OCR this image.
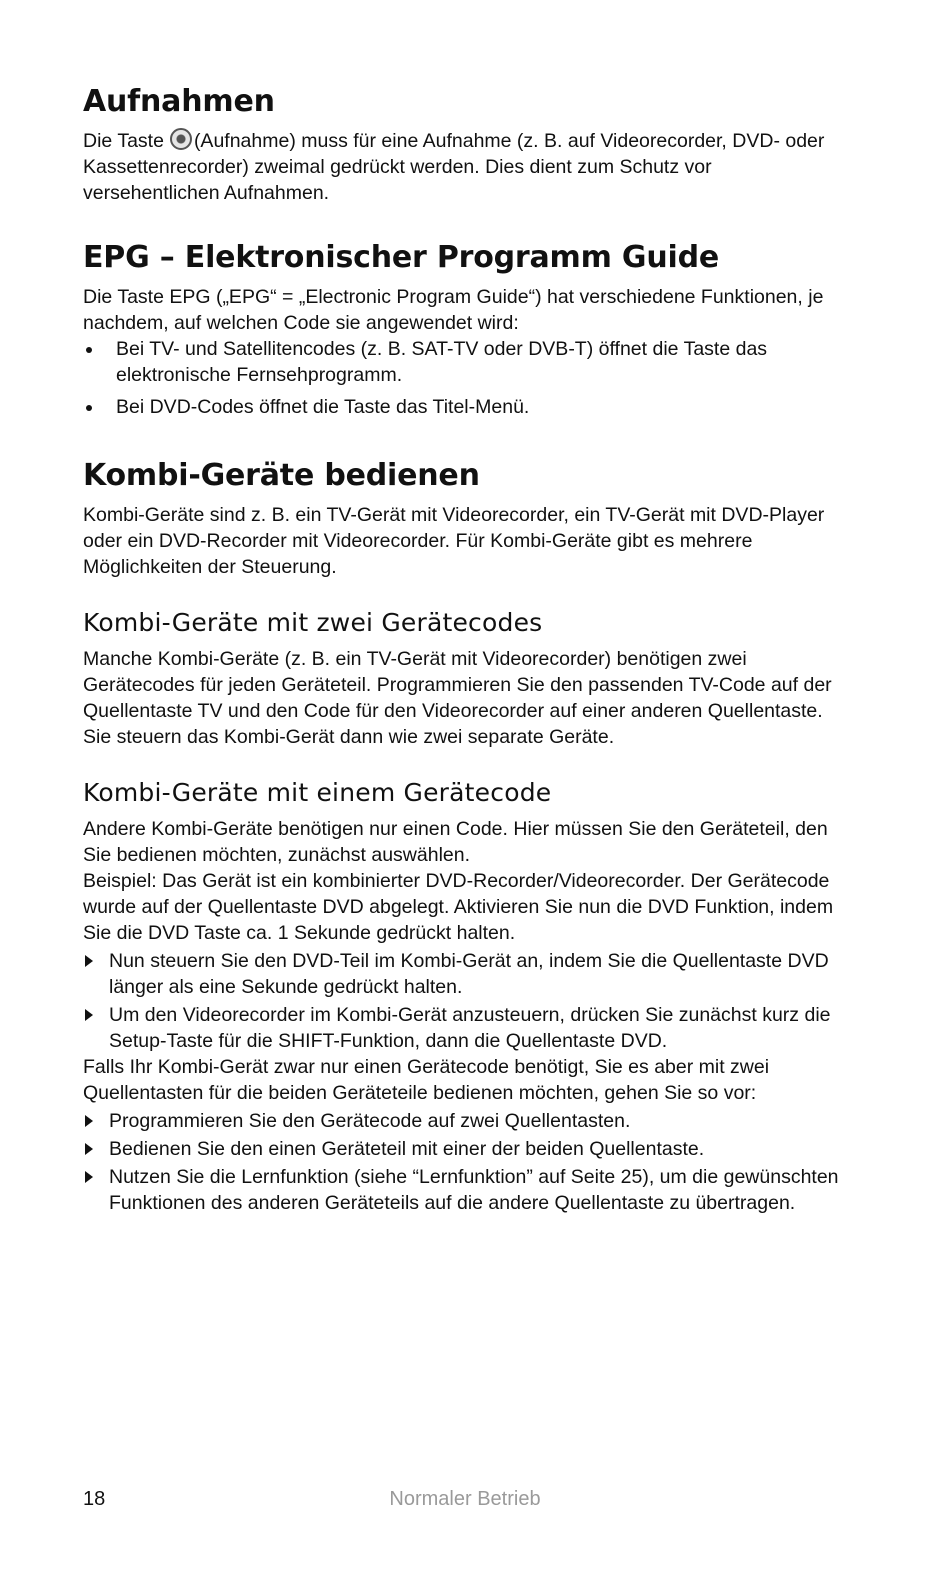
Aufnahmen

Die Taste (Aufnahme) muss für eine Aufnahme (z. B. auf Videorecorder, DVD- oder Kassettenrecorder) zweimal gedrückt werden. Dies dient zum Schutz vor versehentlichen Aufnahmen.

EPG – Elektronischer Programm Guide

Die Taste EPG („EPG“ = „Electronic Program Guide“) hat verschiedene Funktionen, je nachdem, auf welchen Code sie angewendet wird:

Bei TV- und Satellitencodes (z. B. SAT-TV oder DVB-T) öffnet die Taste das elektronische Fernsehprogramm.
Bei DVD-Codes öffnet die Taste das Titel-Menü.
Kombi-Geräte bedienen

Kombi-Geräte sind z. B. ein TV-Gerät mit Videorecorder, ein TV-Gerät mit DVD-Player oder ein DVD-Recorder mit Videorecorder. Für Kombi-Geräte gibt es mehrere Möglichkeiten der Steuerung.

Kombi-Geräte mit zwei Gerätecodes

Manche Kombi-Geräte (z. B. ein TV-Gerät mit Videorecorder) benötigen zwei Gerätecodes für jeden Geräteteil. Programmieren Sie den passenden TV-Code auf der Quellentaste TV und den Code für den Videorecorder auf einer anderen Quellentaste. Sie steuern das Kombi-Gerät dann wie zwei separate Geräte.

Kombi-Geräte mit einem Gerätecode

Andere Kombi-Geräte benötigen nur einen Code. Hier müssen Sie den Geräteteil, den Sie bedienen möchten, zunächst auswählen.

Beispiel: Das Gerät ist ein kombinierter DVD-Recorder/Videorecorder. Der Gerätecode wurde auf der Quellentaste DVD abgelegt. Aktivieren Sie nun die DVD Funktion, indem Sie die DVD Taste ca. 1 Sekunde gedrückt halten.

Nun steuern Sie den DVD-Teil im Kombi-Gerät an, indem Sie die Quellentaste DVD länger als eine Sekunde gedrückt halten.
Um den Videorecorder im Kombi-Gerät anzusteuern, drücken Sie zunächst kurz die Setup-Taste für die SHIFT-Funktion, dann die Quellentaste DVD.

Falls Ihr Kombi-Gerät zwar nur einen Gerätecode benötigt, Sie es aber mit zwei Quellentasten für die beiden Geräteteile bedienen möchten, gehen Sie so vor:

Programmieren Sie den Gerätecode auf zwei Quellentasten.
Bedienen Sie den einen Geräteteil mit einer der beiden Quellentaste.
Nutzen Sie die Lernfunktion (siehe “Lernfunktion” auf Seite 25), um die gewünschten Funktionen des anderen Geräteteils auf die andere Quellentaste zu übertragen.
18	Normaler Betrieb
